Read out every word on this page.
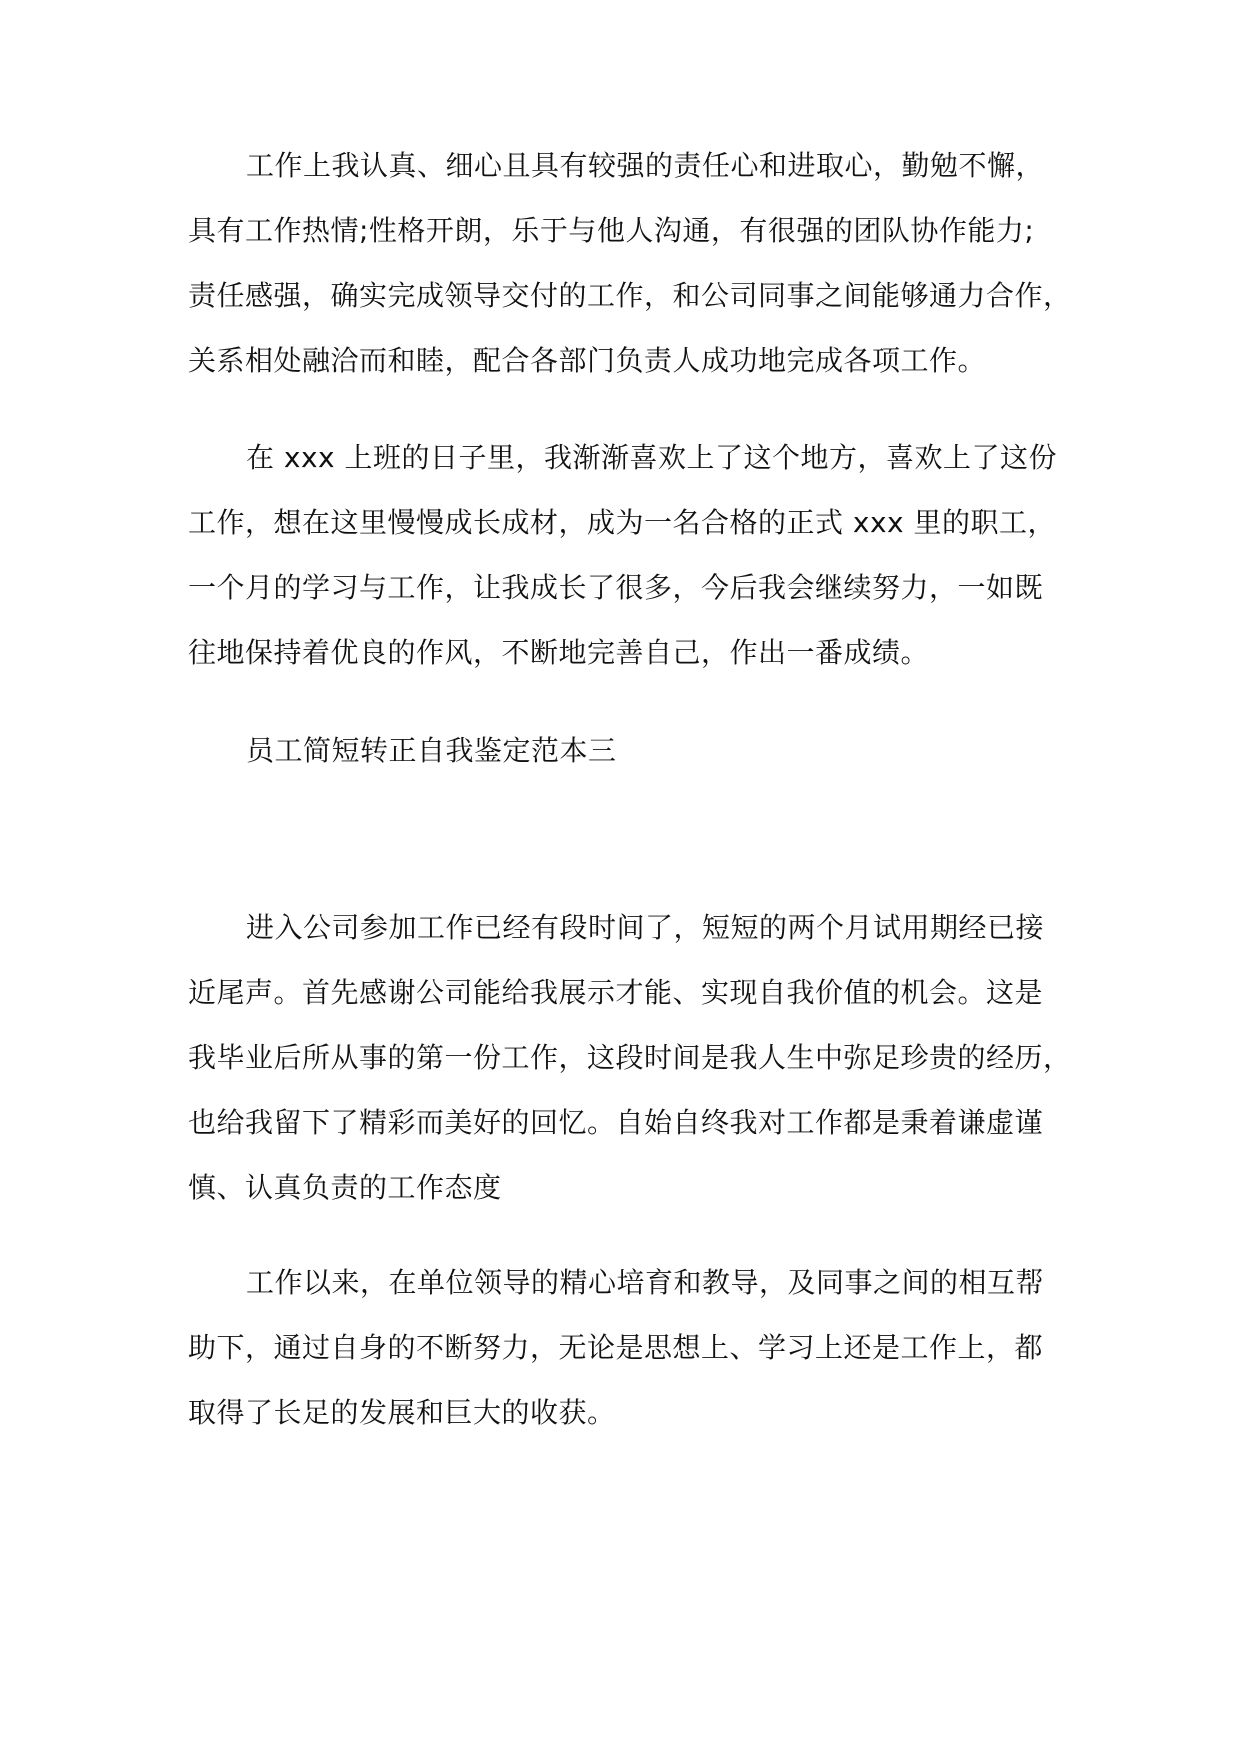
工作上我认真、细心且具有较强的责任心和进取心，勤勉不懈，
具有工作热情;性格开朗，乐于与他人沟通，有很强的团队协作能力;
责任感强，确实完成领导交付的工作，和公司同事之间能够通力合作，
关系相处融洽而和睦，配合各部门负责人成功地完成各项工作。
在 xxx 上班的日子里，我渐渐喜欢上了这个地方，喜欢上了这份
工作，想在这里慢慢成长成材，成为一名合格的正式 xxx 里的职工，
一个月的学习与工作，让我成长了很多，今后我会继续努力，一如既
往地保持着优良的作风，不断地完善自己，作出一番成绩。
员工简短转正自我鉴定范本三
进入公司参加工作已经有段时间了，短短的两个月试用期经已接
近尾声。首先感谢公司能给我展示才能、实现自我价值的机会。这是
我毕业后所从事的第一份工作，这段时间是我人生中弥足珍贵的经历，
也给我留下了精彩而美好的回忆。自始自终我对工作都是秉着谦虚谨
慎、认真负责的工作态度
工作以来，在单位领导的精心培育和教导，及同事之间的相互帮
助下，通过自身的不断努力，无论是思想上、学习上还是工作上，都
取得了长足的发展和巨大的收获。
